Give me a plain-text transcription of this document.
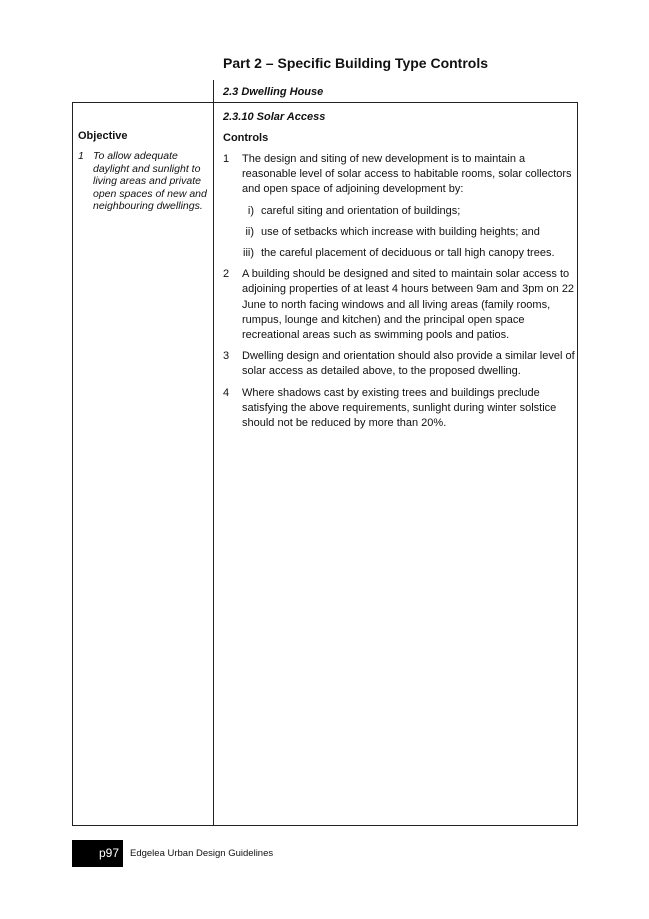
Part 2 – Specific Building Type Controls
2.3 Dwelling House
Objective
1 To allow adequate daylight and sunlight to living areas and private open spaces of new and neighbouring dwellings.
2.3.10 Solar Access
Controls
1 The design and siting of new development is to maintain a reasonable level of solar access to habitable rooms, solar collectors and open space of adjoining development by:
i) careful siting and orientation of buildings;
ii) use of setbacks which increase with building heights; and
iii) the careful placement of deciduous or tall high canopy trees.
2 A building should be designed and sited to maintain solar access to adjoining properties of at least 4 hours between 9am and 3pm on 22 June to north facing windows and all living areas (family rooms, rumpus, lounge and kitchen) and the principal open space recreational areas such as swimming pools and patios.
3 Dwelling design and orientation should also provide a similar level of solar access as detailed above, to the proposed dwelling.
4 Where shadows cast by existing trees and buildings preclude satisfying the above requirements, sunlight during winter solstice should not be reduced by more than 20%.
p97	Edgelea Urban Design Guidelines
